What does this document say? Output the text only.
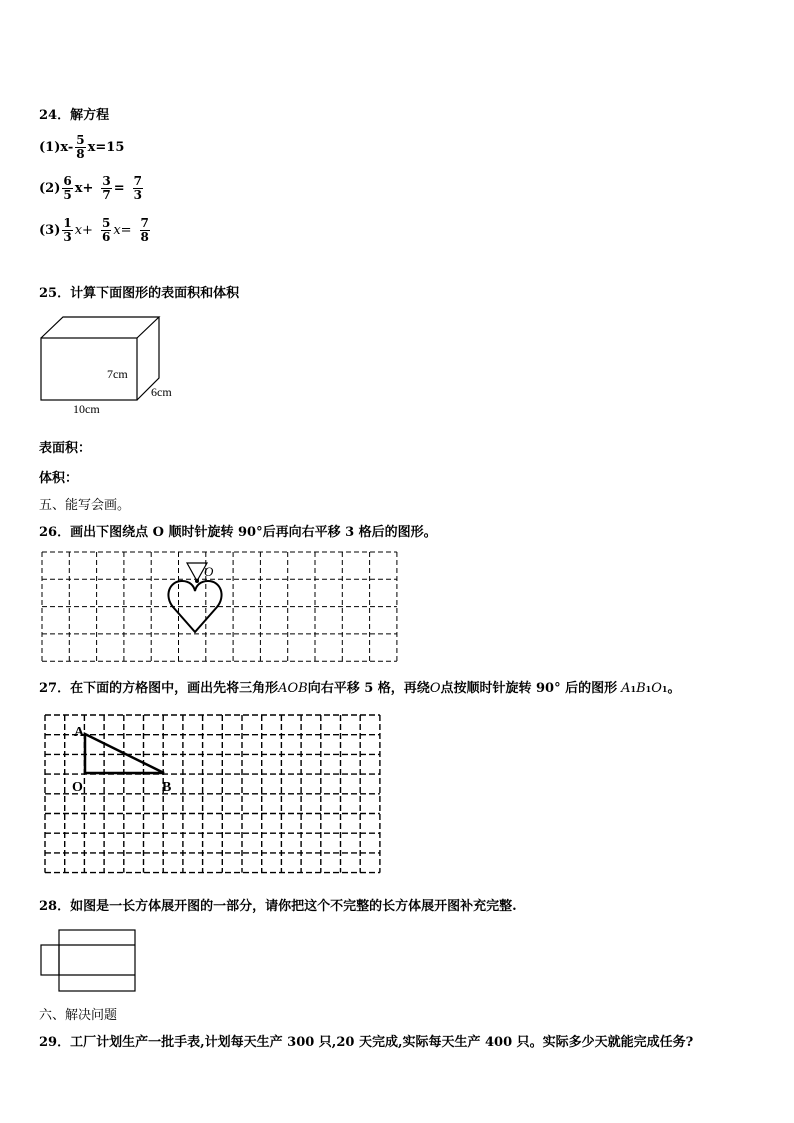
24．解方程
$(1)x- \frac{5}{8} x=15$
$(2) \frac{6}{5} x+ \frac{3}{7} = \frac{7}{3}$
$(3) \frac{1}{3} x+ \frac{5}{6} x= \frac{7}{8}$
25．计算下面图形的表面积和体积
7cm
6cm
10cm
表面积：
体积：
五、能写会画。
26．画出下图绕点 O 顺时针旋转 90°后再向右平移 3 格后的图形。
O
27．在下面的方格图中，画出先将三角形 AOB 向右平移 5 格，再绕 O 点按顺时针旋转 90° 后的图形 A 1 B 1 O 1 。
A
O	B
28．如图是一长方体展开图的一部分，请你把这个不完整的长方体展开图补充完整.
六、解决问题
29．工厂计划生产一批手表,计划每天生产 300 只,20 天完成,实际每天生产 400 只。实际多少天就能完成任务?
